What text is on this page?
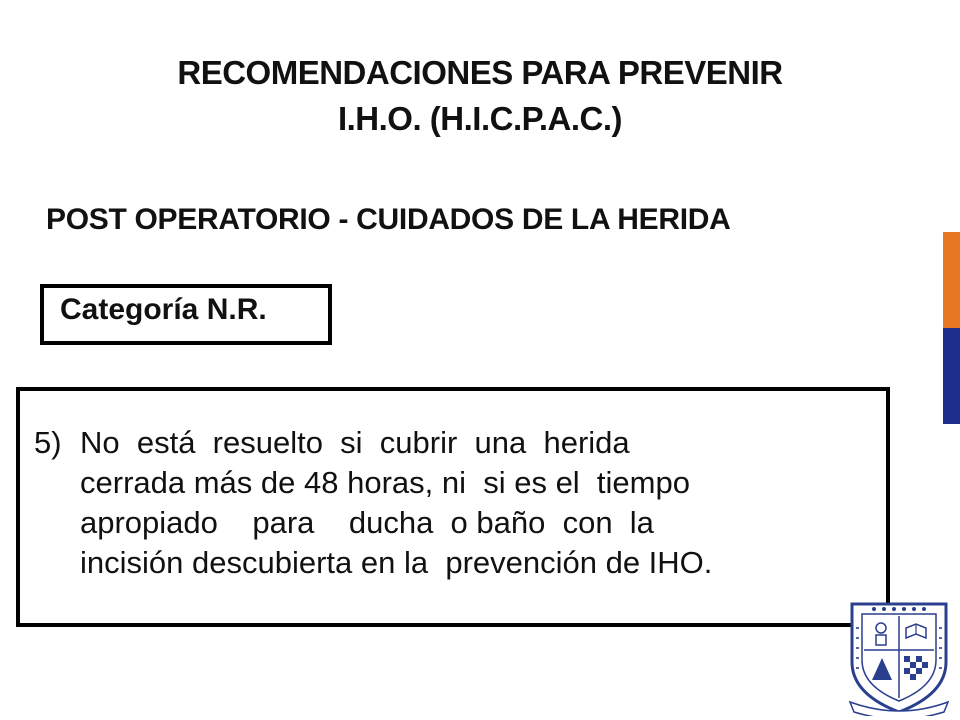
RECOMENDACIONES PARA PREVENIR
I.H.O. (H.I.C.P.A.C.)
POST OPERATORIO - CUIDADOS DE LA HERIDA
Categoría N.R.
5) No  está  resuelto  si  cubrir  una  herida
cerrada más de 48 horas, ni  si es el  tiempo
apropiado    para    ducha  o baño  con  la
incisión descubierta en la  prevención de IHO.
